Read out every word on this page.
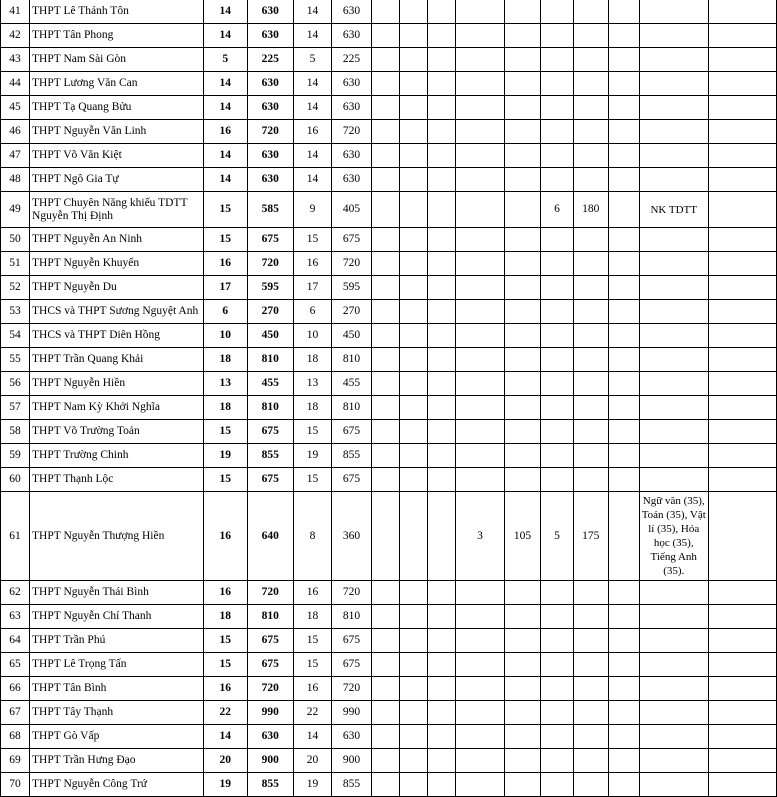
41	THPT Lê Thánh Tôn	14	630	14	630										
42	THPT Tân Phong	14	630	14	630										
43	THPT Nam Sài Gòn	5	225	5	225										
44	THPT Lương Văn Can	14	630	14	630										
45	THPT Tạ Quang Bửu	14	630	14	630										
46	THPT Nguyễn Văn Linh	16	720	16	720										
47	THPT Võ Văn Kiệt	14	630	14	630										
48	THPT Ngô Gia Tự	14	630	14	630										
49	THPT Chuyên Năng khiếu TDTT Nguyễn Thị Định	15	585	9	405						6	180		NK TDTT	
50	THPT Nguyễn An Ninh	15	675	15	675										
51	THPT Nguyễn Khuyến	16	720	16	720										
52	THPT Nguyễn Du	17	595	17	595										
53	THCS và THPT Sương Nguyệt Anh	6	270	6	270										
54	THCS và THPT Diên Hồng	10	450	10	450										
55	THPT Trần Quang Khải	18	810	18	810										
56	THPT Nguyễn Hiền	13	455	13	455										
57	THPT Nam Kỳ Khởi Nghĩa	18	810	18	810										
58	THPT Võ Trường Toản	15	675	15	675										
59	THPT Trường Chinh	19	855	19	855										
60	THPT Thạnh Lộc	15	675	15	675										
61	THPT Nguyễn Thượng Hiền	16	640	8	360				3	105	5	175		Ngữ văn (35), Toán (35), Vật lí (35), Hóa học (35), Tiếng Anh (35).	
62	THPT Nguyễn Thái Bình	16	720	16	720										
63	THPT Nguyễn Chí Thanh	18	810	18	810										
64	THPT Trần Phú	15	675	15	675										
65	THPT Lê Trọng Tấn	15	675	15	675										
66	THPT Tân Bình	16	720	16	720										
67	THPT Tây Thạnh	22	990	22	990										
68	THPT Gò Vấp	14	630	14	630										
69	THPT Trần Hưng Đạo	20	900	20	900										
70	THPT Nguyễn Công Trứ	19	855	19	855										
